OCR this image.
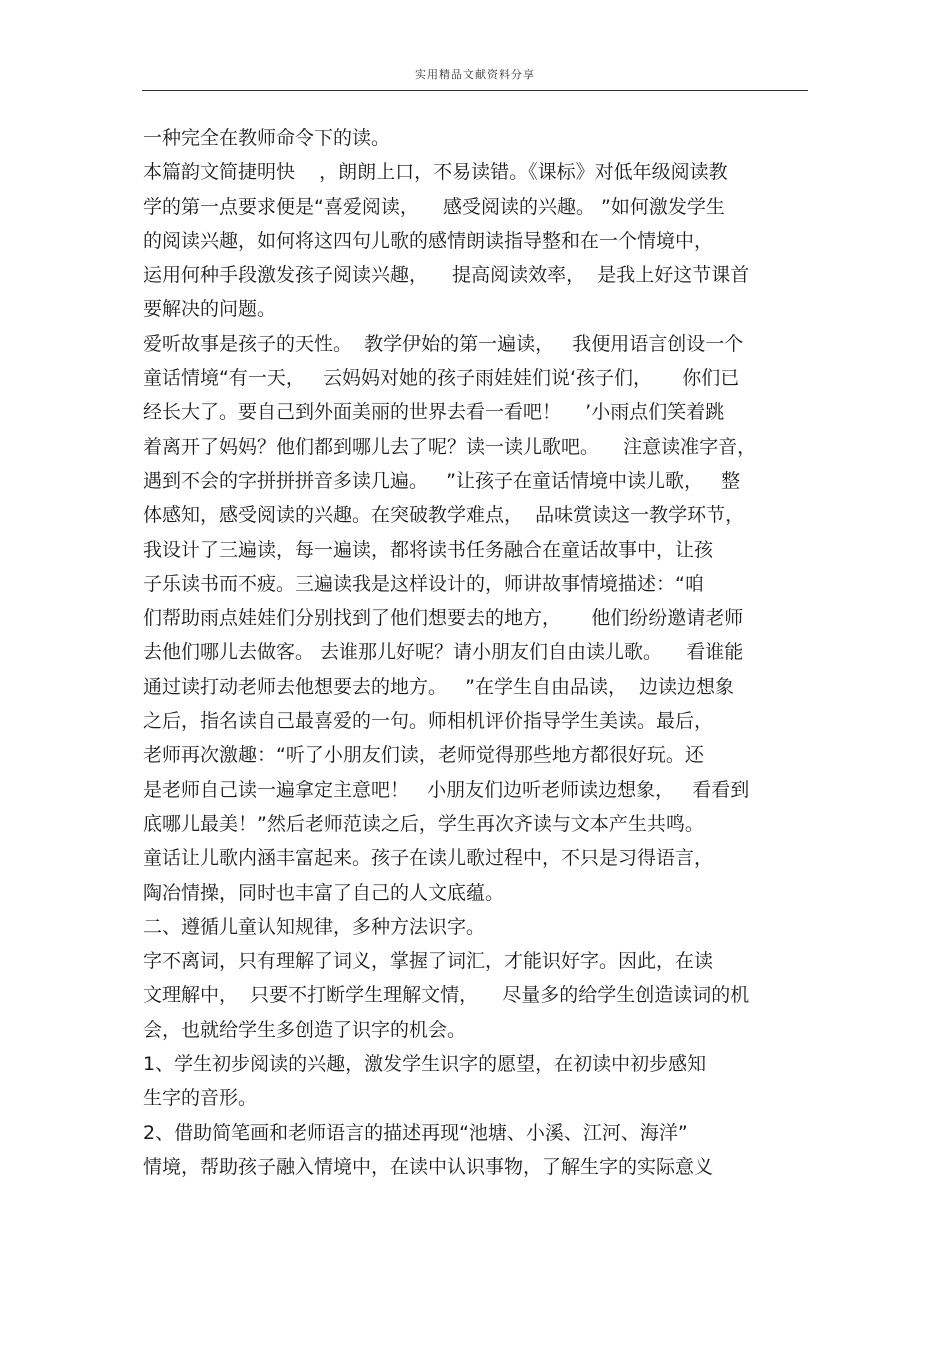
实用精品文献资料分享
一种完全在教师命令下的读。
本篇韵文简捷明快    ，朗朗上口，不易读错。《课标》对低年级阅读教
学的第一点要求便是“喜爱阅读，    感受阅读的兴趣。 ”如何激发学生
的阅读兴趣，如何将这四句儿歌的感情朗读指导整和在一个情境中，
运用何种手段激发孩子阅读兴趣，    提高阅读效率，  是我上好这节课首
要解决的问题。
爱听故事是孩子的天性。  教学伊始的第一遍读，   我便用语言创设一个
童话情境“有一天，   云妈妈对她的孩子雨娃娃们说‘孩子们，     你们已
经长大了。要自己到外面美丽的世界去看一看吧！    ’小雨点们笑着跳
着离开了妈妈？他们都到哪儿去了呢？读一读儿歌吧。    注意读准字音，
遇到不会的字拼拼拼音多读几遍。   ”让孩子在童话情境中读儿歌，   整
体感知，感受阅读的兴趣。在突破教学难点，  品味赏读这一教学环节，
我设计了三遍读，每一遍读，都将读书任务融合在童话故事中，让孩
子乐读书而不疲。三遍读我是这样设计的，师讲故事情境描述：“咱
们帮助雨点娃娃们分别找到了他们想要去的地方，     他们纷纷邀请老师
去他们哪儿去做客。 去谁那儿好呢？请小朋友们自由读儿歌。    看谁能
通过读打动老师去他想要去的地方。   ”在学生自由品读，  边读边想象
之后，指名读自己最喜爱的一句。师相机评价指导学生美读。最后，
老师再次激趣：“听了小朋友们读，老师觉得那些地方都很好玩。还
是老师自己读一遍拿定主意吧！   小朋友们边听老师读边想象，   看看到
底哪儿最美！”然后老师范读之后，学生再次齐读与文本产生共鸣。
童话让儿歌内涵丰富起来。孩子在读儿歌过程中，不只是习得语言，
陶冶情操，同时也丰富了自己的人文底蕴。
二、遵循儿童认知规律，多种方法识字。
字不离词，只有理解了词义，掌握了词汇，才能识好字。因此，在读
文理解中，  只要不打断学生理解文情，    尽量多的给学生创造读词的机
会，也就给学生多创造了识字的机会。
1、学生初步阅读的兴趣，激发学生识字的愿望，在初读中初步感知
生字的音形。
2、借助简笔画和老师语言的描述再现“池塘、小溪、江河、海洋”
情境，帮助孩子融入情境中，在读中认识事物，了解生字的实际意义
